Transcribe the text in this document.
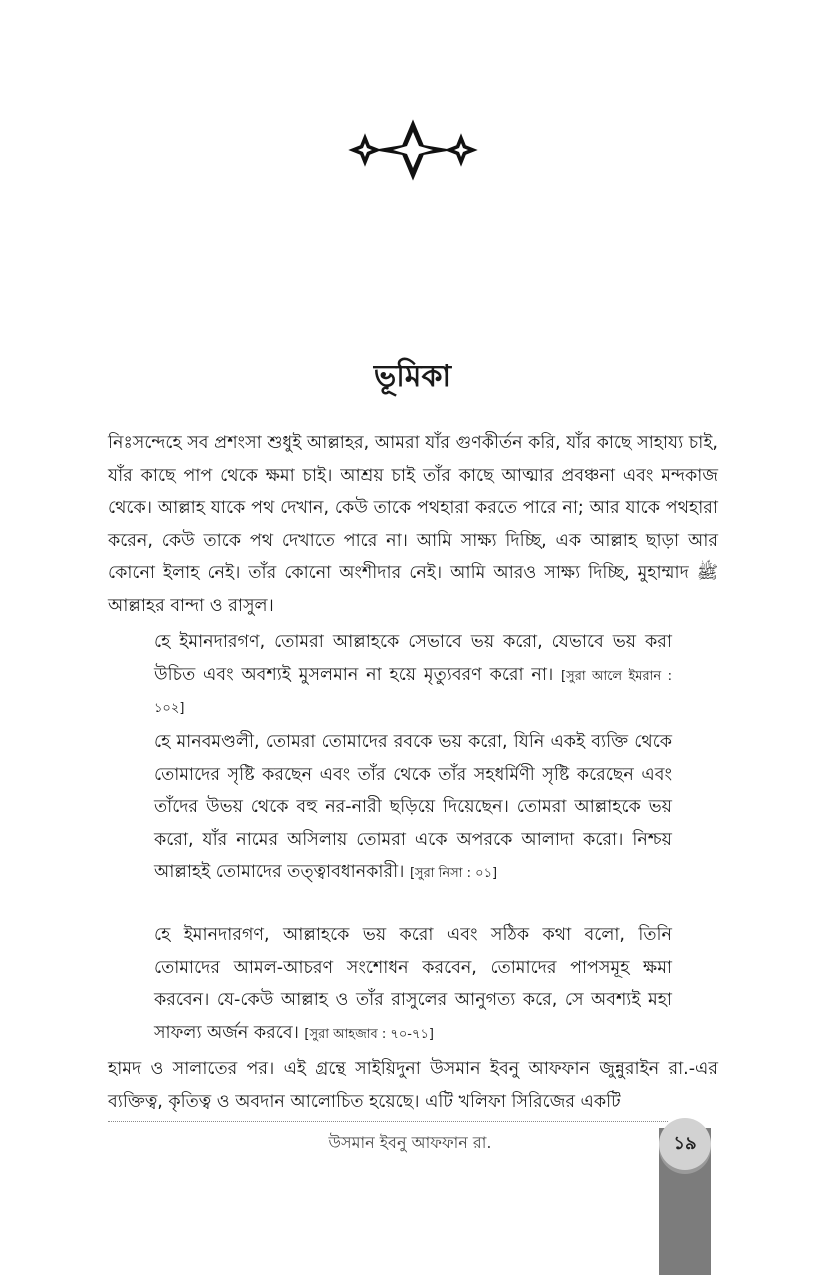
ভূমিকা

নিঃসন্দেহে সব প্রশংসা শুধুই আল্লাহর, আমরা যাঁর গুণকীর্তন করি, যাঁর কাছে সাহায্য চাই, যাঁর কাছে পাপ থেকে ক্ষমা চাই। আশ্রয় চাই তাঁর কাছে আত্মার প্রবঞ্চনা এবং মন্দকাজ থেকে। আল্লাহ যাকে পথ দেখান, কেউ তাকে পথহারা করতে পারে না; আর যাকে পথহারা করেন, কেউ তাকে পথ দেখাতে পারে না। আমি সাক্ষ্য দিচ্ছি, এক আল্লাহ ছাড়া আর কোনো ইলাহ নেই। তাঁর কোনো অংশীদার নেই। আমি আরও সাক্ষ্য দিচ্ছি, মুহাম্মাদ ﷺ আল্লাহর বান্দা ও রাসুল।

হে ইমানদারগণ, তোমরা আল্লাহকে সেভাবে ভয় করো, যেভাবে ভয় করা উচিত এবং অবশ্যই মুসলমান না হয়ে মৃত্যুবরণ করো না। [সুরা আলে ইমরান : ১০২]
হে মানবমণ্ডলী, তোমরা তোমাদের রবকে ভয় করো, যিনি একই ব্যক্তি থেকে তোমাদের সৃষ্টি করছেন এবং তাঁর থেকে তাঁর সহধর্মিণী সৃষ্টি করেছেন এবং তাঁদের উভয় থেকে বহু নর-নারী ছড়িয়ে দিয়েছেন। তোমরা আল্লাহকে ভয় করো, যাঁর নামের অসিলায় তোমরা একে অপরকে আলাদা করো। নিশ্চয় আল্লাহই তোমাদের তত্ত্বাবধানকারী। [সুরা নিসা : ০১]
হে ইমানদারগণ, আল্লাহকে ভয় করো এবং সঠিক কথা বলো, তিনি তোমাদের আমল-আচরণ সংশোধন করবেন, তোমাদের পাপসমূহ ক্ষমা করবেন। যে-কেউ আল্লাহ ও তাঁর রাসুলের আনুগত্য করে, সে অবশ্যই মহা সাফল্য অর্জন করবে। [সুরা আহজাব : ৭০-৭১]

হামদ ও সালাতের পর। এই গ্রন্থে সাইয়িদুনা উসমান ইবনু আফফান জুন্নুরাইন রা.-এর ব্যক্তিত্ব, কৃতিত্ব ও অবদান আলোচিত হয়েছে। এটি খলিফা সিরিজের একটি

উসমান ইবনু আফফান রা.	১৯
